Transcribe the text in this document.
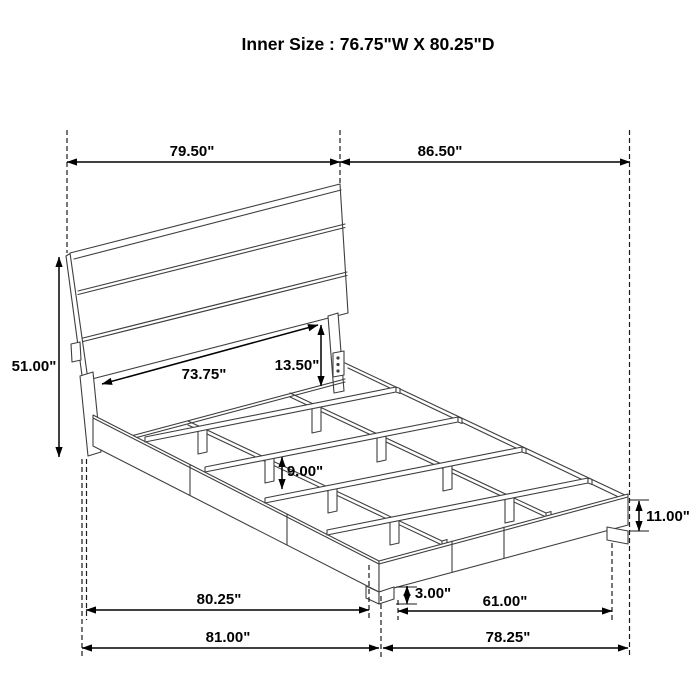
Inner Size : 76.75"W X 80.25"D
79.50"	86.50"
51.00"	73.75"
13.50"
9.00"
11.00"
3.00"
80.25"	61.00"
81.00"	78.25"
